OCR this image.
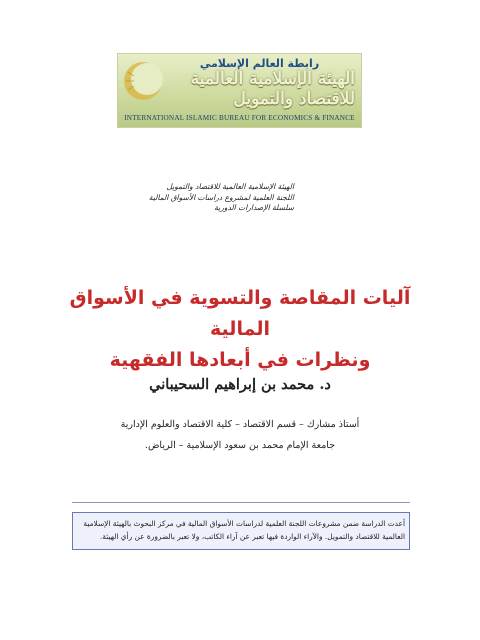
رابطة العالم الإسلامي
الهيئة الإسلامية العالمية للاقتصاد والتمويل
INTERNATIONAL ISLAMIC BUREAU FOR ECONOMICS & FINANCE
الهيئة الإسلامية العالمية للاقتصاد والتمويل
اللجنة العلمية لمشروع دراسات الأسواق المالية
سلسلة الإصدارات الدورية
آليات المقاصة والتسوية في الأسواق المالية
ونظرات في أبعادها الفقهية
د. محمد بن إبراهيم السحيباني
أستاذ مشارك – قسم الاقتصاد – كلية الاقتصاد والعلوم الإدارية
جامعة الإمام محمد بن سعود الإسلامية – الرياض.
أعدت الدراسة ضمن مشروعات اللجنة العلمية لدراسات الأسواق المالية في مركز البحوث بالهيئة الإسلامية
العالمية للاقتصاد والتمويل. والآراء الواردة فيها تعبر عن آراء الكاتب، ولا تعبر بالضرورة عن رأي الهيئة.
